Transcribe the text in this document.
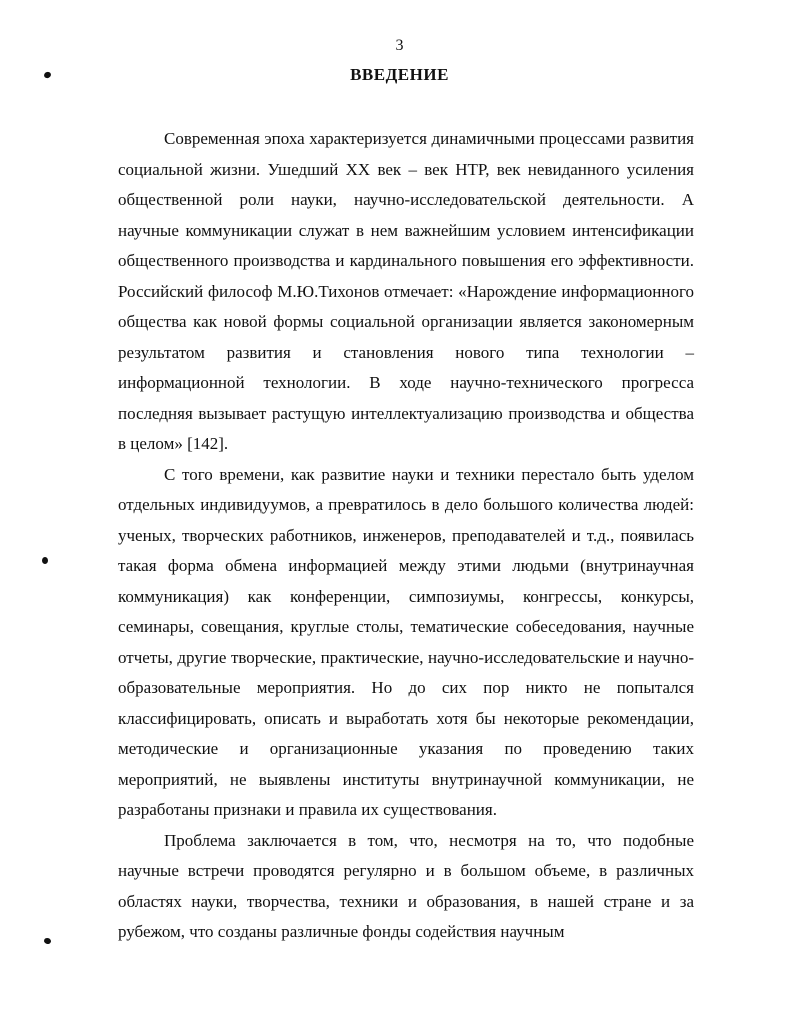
3
ВВЕДЕНИЕ

Современная эпоха характеризуется динамичными процессами развития социальной жизни. Ушедший XX век – век НТР, век невиданного усиления общественной роли науки, научно-исследовательской деятельности. А научные коммуникации служат в нем важнейшим условием интенсификации общественного производства и кардинального повышения его эффективности. Российский философ М.Ю.Тихонов отмечает: «Нарождение информационного общества как новой формы социальной организации является закономерным результатом развития и становления нового типа технологии – информационной технологии. В ходе научно-технического прогресса последняя вызывает растущую интеллектуализацию производства и общества в целом» [142].

С того времени, как развитие науки и техники перестало быть уделом отдельных индивидуумов, а превратилось в дело большого количества людей: ученых, творческих работников, инженеров, преподавателей и т.д., появилась такая форма обмена информацией между этими людьми (внутринаучная коммуникация) как конференции, симпозиумы, конгрессы, конкурсы, семинары, совещания, круглые столы, тематические собеседования, научные отчеты, другие творческие, практические, научно-исследовательские и научно-образовательные мероприятия. Но до сих пор никто не попытался классифицировать, описать и выработать хотя бы некоторые рекомендации, методические и организационные указания по проведению таких мероприятий, не выявлены институты внутринаучной коммуникации, не разработаны признаки и правила их существования.

Проблема заключается в том, что, несмотря на то, что подобные научные встречи проводятся регулярно и в большом объеме, в различных областях науки, творчества, техники и образования, в нашей стране и за рубежом, что созданы различные фонды содействия научным
